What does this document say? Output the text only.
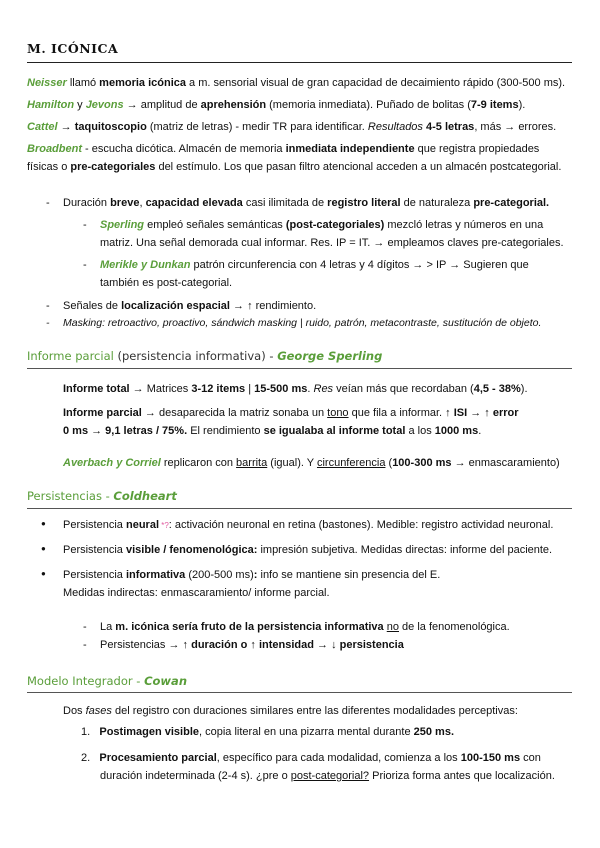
M. ICÓNICA
Neisser llamó memoria icónica a m. sensorial visual de gran capacidad de decaimiento rápido (300-500 ms).
Hamilton y Jevons → amplitud de aprehensión (memoria inmediata). Puñado de bolitas (7-9 items).
Cattel → taquitoscopio (matriz de letras) - medir TR para identificar. Resultados 4-5 letras, más → errores.
Broadbent - escucha dicótica. Almacén de memoria inmediata independiente que registra propiedades
físicas o pre-categoriales del estímulo. Los que pasan filtro atencional acceden a un almacén postcategorial.
- Duración breve, capacidad elevada casi ilimitada de registro literal de naturaleza pre-categorial.
- Sperling empleó señales semánticas (post-categoriales) mezcló letras y números en una
matriz. Una señal demorada cual informar. Res. IP = IT. → empleamos claves pre-categoriales.
- Merikle y Dunkan patrón circunferencia con 4 letras y 4 dígitos → > IP → Sugieren que
también es post-categorial.
- Señales de localización espacial → ↑ rendimiento.
- Masking: retroactivo, proactivo, sándwich masking | ruido, patrón, metacontraste, sustitución de objeto.
Informe parcial (persistencia informativa) - George Sperling
Informe total → Matrices 3-12 items | 15-500 ms. Res veían más que recordaban (4,5 - 38%).
Informe parcial → desaparecida la matriz sonaba un tono que fila a informar. ↑ ISI → ↑ error
0 ms → 9,1 letras / 75%. El rendimiento se igualaba al informe total a los 1000 ms.
Averbach y Corriel replicaron con barrita (igual). Y circunferencia (100-300 ms → enmascaramiento)
Persistencias - Coldheart
● Persistencia neural *?: activación neuronal en retina (bastones). Medible: registro actividad neuronal.
● Persistencia visible / fenomenológica: impresión subjetiva. Medidas directas: informe del paciente.
● Persistencia informativa (200-500 ms): info se mantiene sin presencia del E.
Medidas indirectas: enmascaramiento/ informe parcial.
- La m. icónica sería fruto de la persistencia informativa no de la fenomenológica.
- Persistencias → ↑ duración o ↑ intensidad → ↓ persistencia
Modelo Integrador - Cowan
Dos fases del registro con duraciones similares entre las diferentes modalidades perceptivas:
1. Postimagen visible, copia literal en una pizarra mental durante 250 ms.
2. Procesamiento parcial, específico para cada modalidad, comienza a los 100-150 ms con
duración indeterminada (2-4 s). ¿pre o post-categorial? Prioriza forma antes que localización.
